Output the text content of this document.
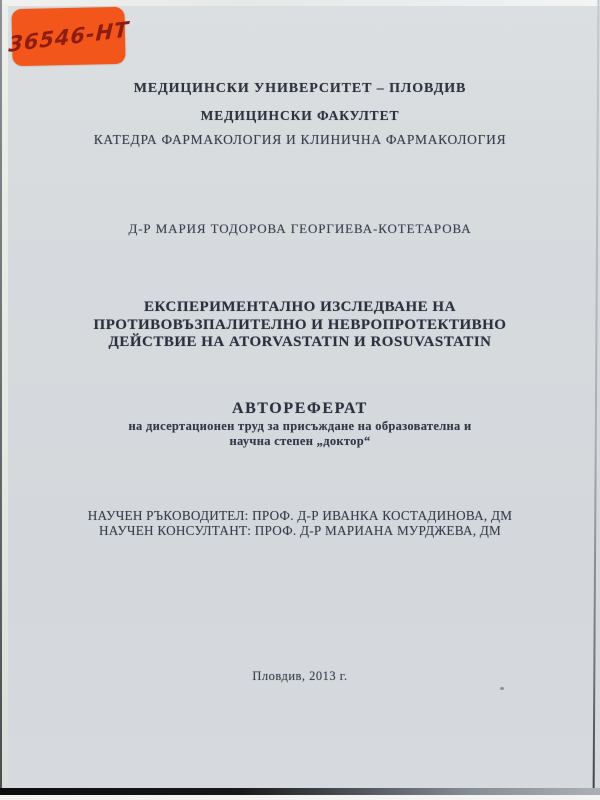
36546-НТ
МЕДИЦИНСКИ УНИВЕРСИТЕТ – ПЛОВДИВ
МЕДИЦИНСКИ ФАКУЛТЕТ
КАТЕДРА ФАРМАКОЛОГИЯ И КЛИНИЧНА ФАРМАКОЛОГИЯ
Д-Р МАРИЯ ТОДОРОВА ГЕОРГИЕВА-КОТЕТАРОВА
ЕКСПЕРИМЕНТАЛНО ИЗСЛЕДВАНЕ НА
ПРОТИВОВЪЗПАЛИТЕЛНО И НЕВРОПРОТЕКТИВНО
ДЕЙСТВИЕ НА ATORVASTATIN И ROSUVASTATIN
АВТОРЕФЕРАТ
на дисертационен труд за присъждане на образователна и
научна степен „доктор“
НАУЧЕН РЪКОВОДИТЕЛ: ПРОФ. Д-Р ИВАНКА КОСТАДИНОВА, ДМ
НАУЧЕН КОНСУЛТАНТ: ПРОФ. Д-Р МАРИАНА МУРДЖЕВА, ДМ
Пловдив, 2013 г.
